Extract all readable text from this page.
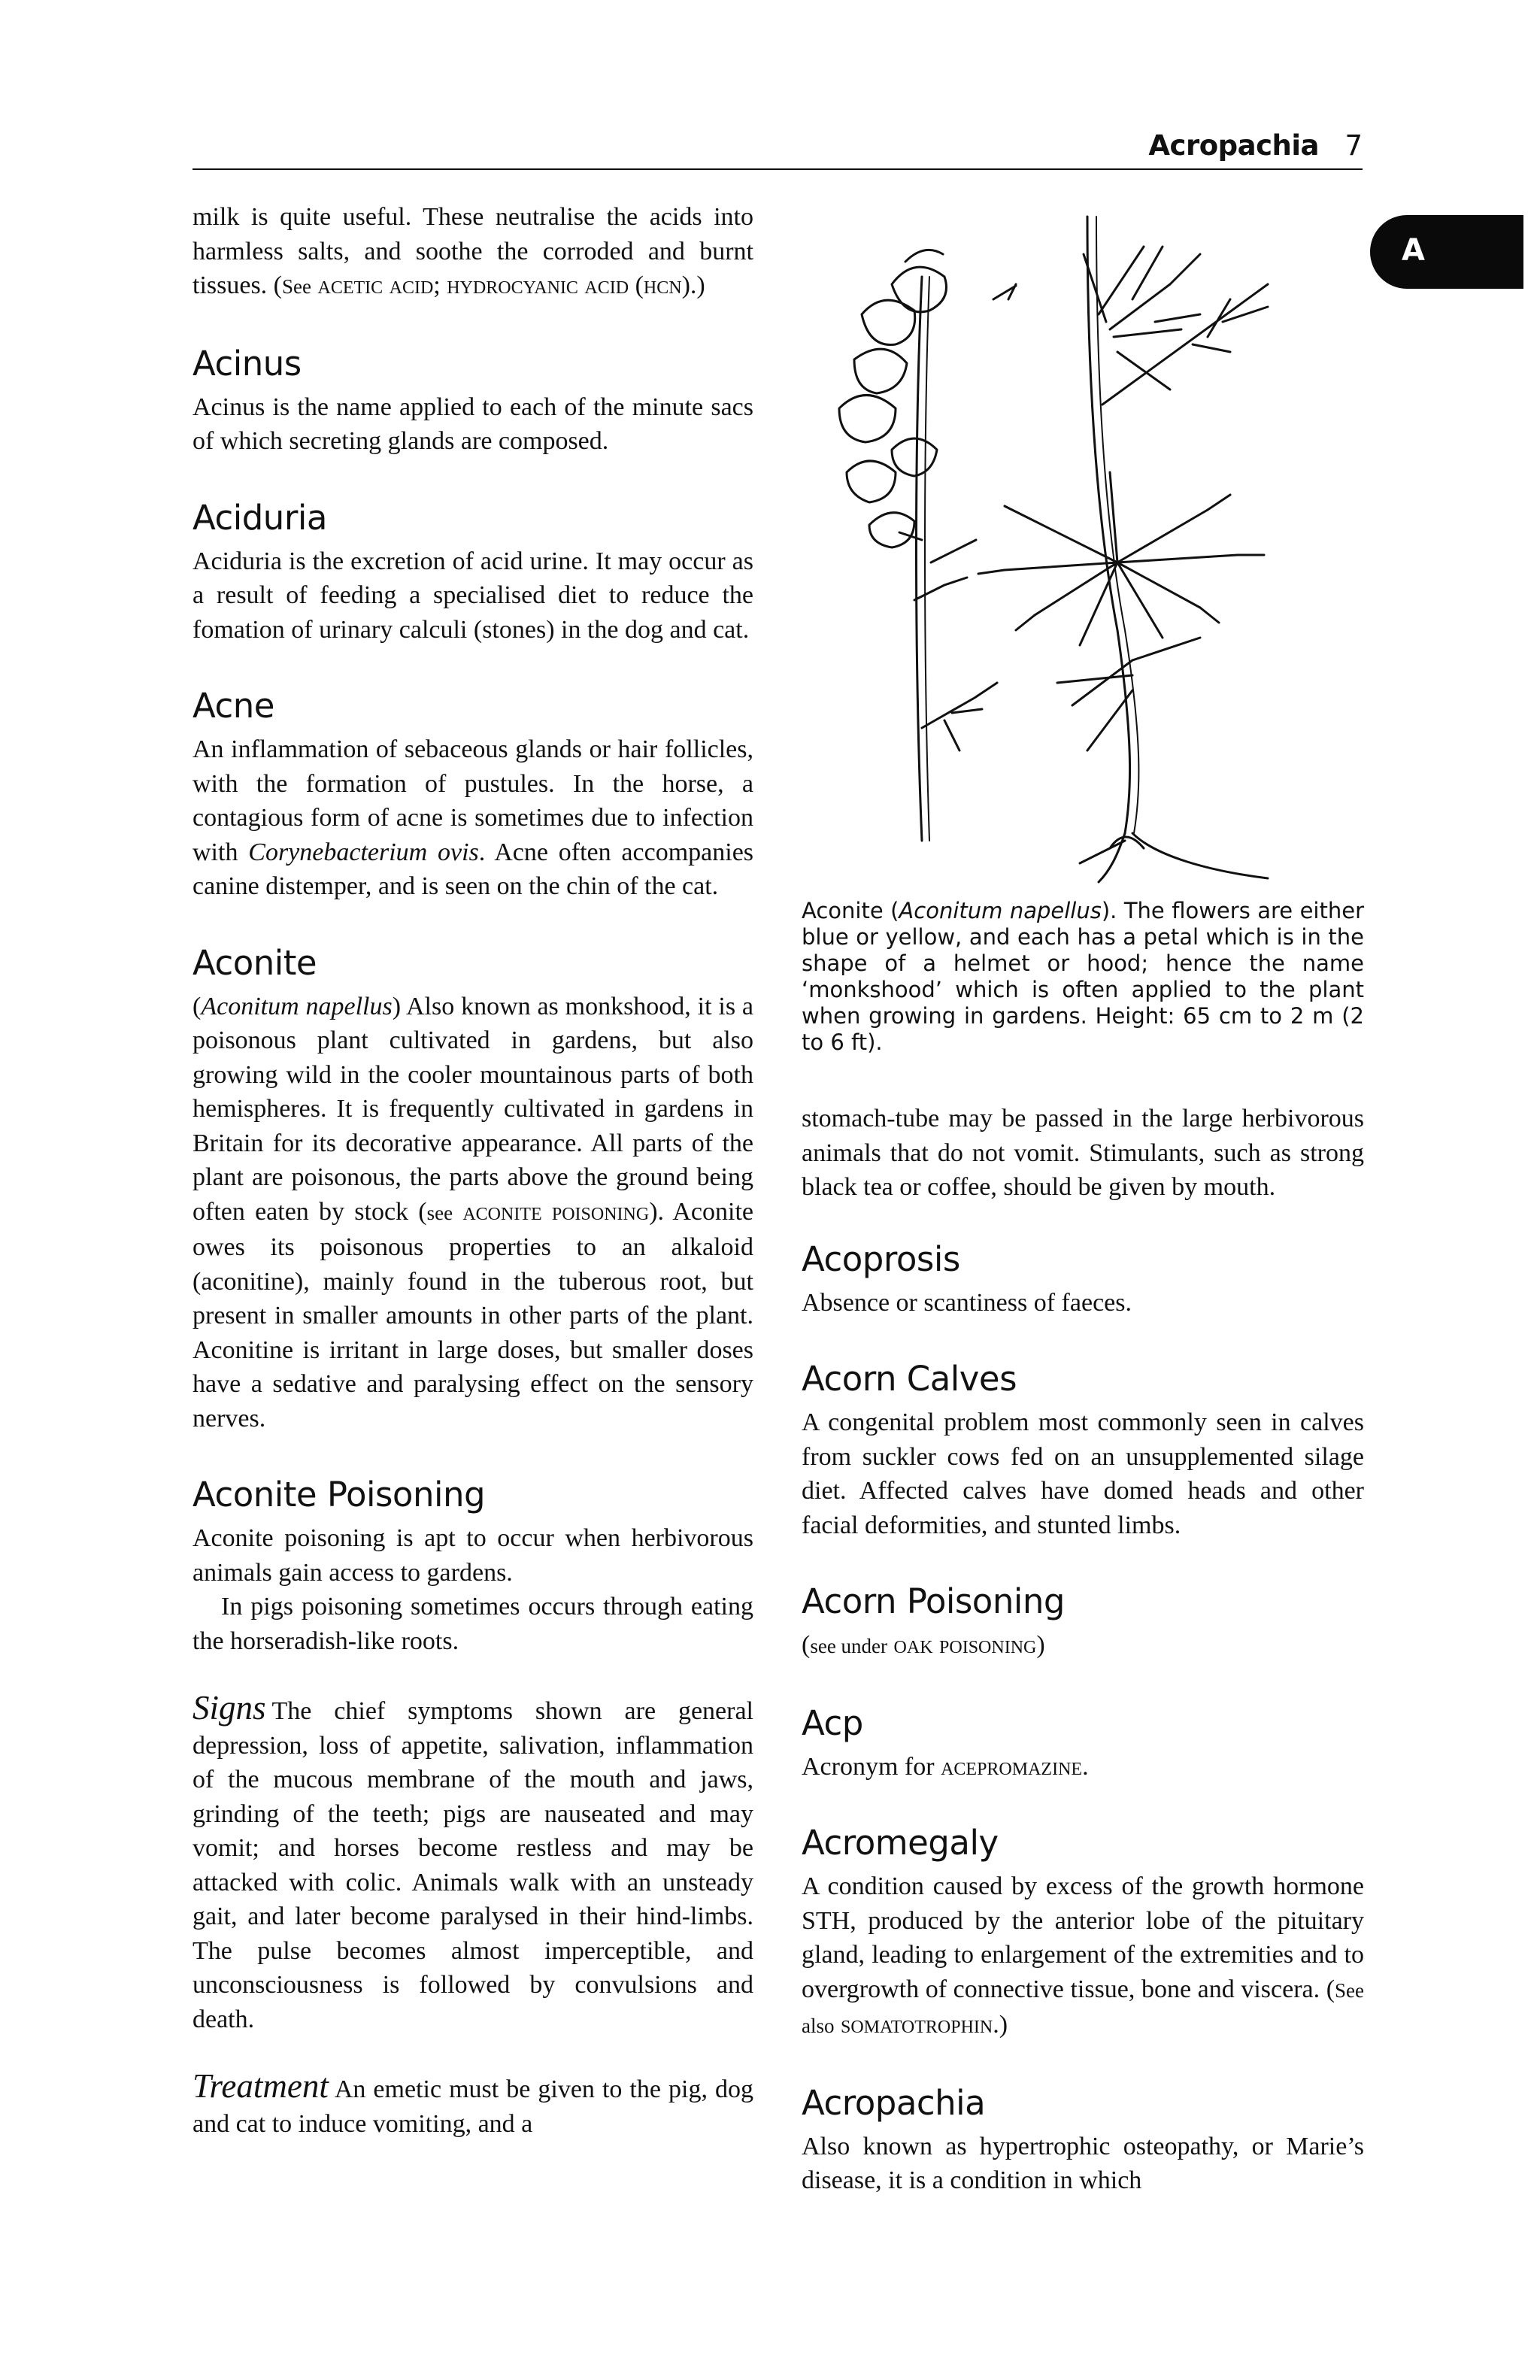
Acropachia 7
A

milk is quite useful. These neutralise the acids into harmless salts, and soothe the corroded and burnt tissues. (See acetic acid; hydrocyanic acid (hcn).)

Acinus

Acinus is the name applied to each of the minute sacs of which secreting glands are composed.

Aciduria

Aciduria is the excretion of acid urine. It may occur as a result of feeding a specialised diet to reduce the fomation of urinary calculi (stones) in the dog and cat.

Acne

An inflammation of sebaceous glands or hair follicles, with the formation of pustules. In the horse, a contagious form of acne is sometimes due to infection with Corynebacterium ovis. Acne often accompanies canine distemper, and is seen on the chin of the cat.

Aconite

(Aconitum napellus) Also known as monkshood, it is a poisonous plant cultivated in gardens, but also growing wild in the cooler mountainous parts of both hemispheres. It is frequently cultivated in gardens in Britain for its decorative appearance. All parts of the plant are poisonous, the parts above the ground being often eaten by stock (see aconite poisoning). Aconite owes its poisonous properties to an alkaloid (aconitine), mainly found in the tuberous root, but present in smaller amounts in other parts of the plant. Aconitine is irritant in large doses, but smaller doses have a sedative and paralysing effect on the sensory nerves.

Aconite Poisoning

Aconite poisoning is apt to occur when herbivorous animals gain access to gardens.

In pigs poisoning sometimes occurs through eating the horseradish-like roots.

Signs The chief symptoms shown are general depression, loss of appetite, salivation, inflammation of the mucous membrane of the mouth and jaws, grinding of the teeth; pigs are nauseated and may vomit; and horses become restless and may be attacked with colic. Animals walk with an unsteady gait, and later become paralysed in their hind-limbs. The pulse becomes almost imperceptible, and unconsciousness is followed by convulsions and death.

Treatment An emetic must be given to the pig, dog and cat to induce vomiting, and a

Aconite (Aconitum napellus). The flowers are either blue or yellow, and each has a petal which is in the shape of a helmet or hood; hence the name ‘monkshood’ which is often applied to the plant when growing in gardens. Height: 65 cm to 2 m (2 to 6 ft).

stomach-tube may be passed in the large herbivorous animals that do not vomit. Stimulants, such as strong black tea or coffee, should be given by mouth.

Acoprosis

Absence or scantiness of faeces.

Acorn Calves

A congenital problem most commonly seen in calves from suckler cows fed on an unsupplemented silage diet. Affected calves have domed heads and other facial deformities, and stunted limbs.

Acorn Poisoning

(see under oak poisoning)

Acp

Acronym for acepromazine.

Acromegaly

A condition caused by excess of the growth hormone STH, produced by the anterior lobe of the pituitary gland, leading to enlargement of the extremities and to overgrowth of connective tissue, bone and viscera. (See also somatotrophin.)

Acropachia

Also known as hypertrophic osteopathy, or Marie’s disease, it is a condition in which
